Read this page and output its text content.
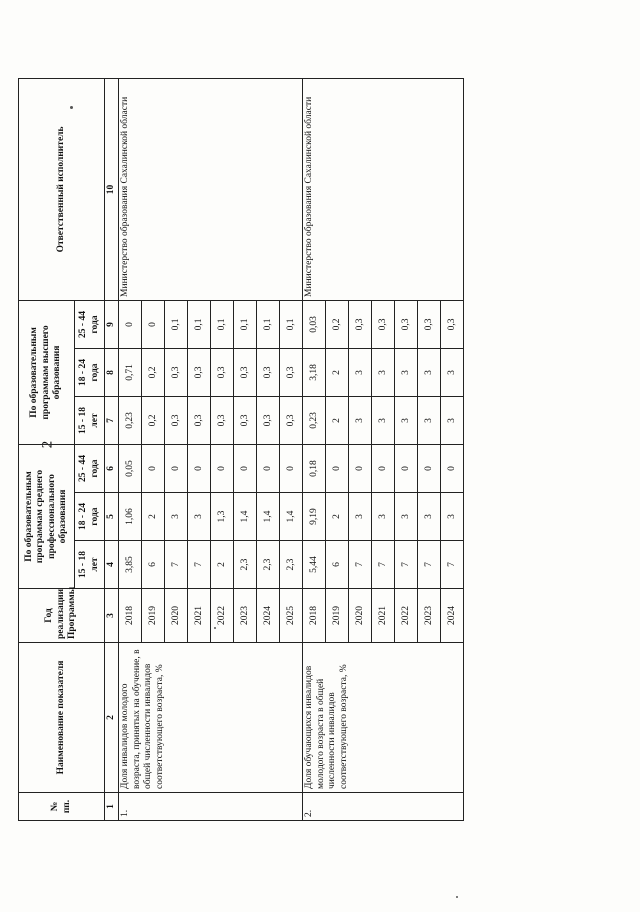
2
№ пп.	Наименование показателя	Год реализации Программы	По образовательным программам среднего профессионального образования			По образовательным программам высшего образования			Ответственный исполнитель
			15 - 18 лет	18 - 24 года	25 - 44 года	15 - 18 лет	18 - 24 года	25 - 44 года	
1	2	3	4	5	6	7	8	9	10
1.	Доля инвалидов молодого возраста, принятых на обучение, в общей численности инвалидов соответствующего возраста, %	2018	3,85	1,06	0,05	0,23	0,71	0	Министерство образования Сахалинской области
		2019	6	2	0	0,2	0,2	0	
		2020	7	3	0	0,3	0,3	0,1	
		2021	7	3	0	0,3	0,3	0,1	
		2022	2	1,3	0	0,3	0,3	0,1	
		2023	2,3	1,4	0	0,3	0,3	0,1	
		2024	2,3	1,4	0	0,3	0,3	0,1	
		2025	2,3	1,4	0	0,3	0,3	0,1	
2.	Доля обучающихся инвалидов молодого возраста в общей численности инвалидов соответствующего возраста, %	2018	5,44	9,19	0,18	0,23	3,18	0,03	Министерство образования Сахалинской области
		2019	6	2	0	2	2	0,2	
		2020	7	3	0	3	3	0,3	
		2021	7	3	0	3	3	0,3	
		2022	7	3	0	3	3	0,3	
		2023	7	3	0	3	3	0,3	
		2024	7	3	0	3	3	0,3	
